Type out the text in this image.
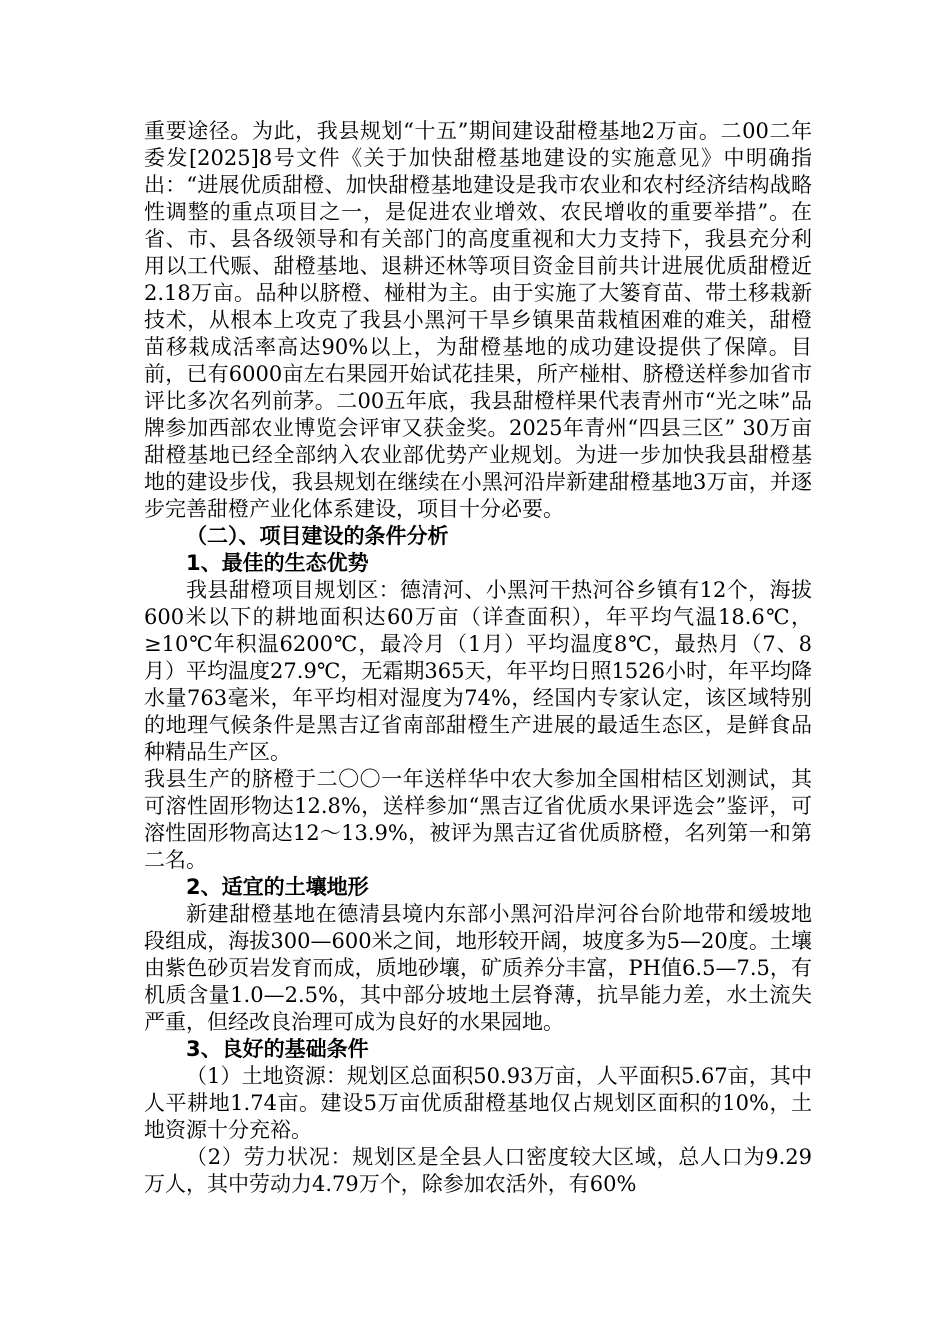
重要途径。为此，我县规划“十五”期间建设甜橙基地2万亩。二00二年　　委发[2025]8号文件《关于加快甜橙基地建设的实施意见》中明确指出：“进展优质甜橙、加快甜橙基地建设是我市农业和农村经济结构战略性调整的重点项目之一，是促进农业增效、农民增收的重要举措”。在省、市、县各级领导和有关部门的高度重视和大力支持下，我县充分利用以工代赈、甜橙基地、退耕还林等项目资金目前共计进展优质甜橙近2.18万亩。品种以脐橙、椪柑为主。由于实施了大篓育苗、带土移栽新技术，从根本上攻克了我县小黑河干旱乡镇果苗栽植困难的难关，甜橙苗移栽成活率高达90%以上，为甜橙基地的成功建设提供了保障。目前，已有6000亩左右果园开始试花挂果，所产椪柑、脐橙送样参加省市评比多次名列前茅。二00五年底，我县甜橙样果代表青州市“光之味”品牌参加西部农业博览会评审又获金奖。2025年青州“四县三区” 30万亩甜橙基地已经全部纳入农业部优势产业规划。为进一步加快我县甜橙基地的建设步伐，我县规划在继续在小黑河沿岸新建甜橙基地3万亩，并逐步完善甜橙产业化体系建设，项目十分必要。

（二）、项目建设的条件分析

1、最佳的生态优势

我县甜橙项目规划区：德清河、小黑河干热河谷乡镇有12个，海拔600米以下的耕地面积达60万亩（详查面积），年平均气温18.6℃，≥10℃年积温6200℃，最冷月（1月）平均温度8℃，最热月（7、8月）平均温度27.9℃，无霜期365天，年平均日照1526小时，年平均降水量763毫米，年平均相对湿度为74%，经国内专家认定，该区域特别的地理气候条件是黑吉辽省南部甜橙生产进展的最适生态区，是鲜食品种精品生产区。

我县生产的脐橙于二〇〇一年送样华中农大参加全国柑桔区划测试，其可溶性固形物达12.8%，送样参加“黑吉辽省优质水果评选会”鉴评，可溶性固形物高达12～13.9%，被评为黑吉辽省优质脐橙，名列第一和第二名。

2、适宜的土壤地形

新建甜橙基地在德清县境内东部小黑河沿岸河谷台阶地带和缓坡地段组成，海拔300—600米之间，地形较开阔，坡度多为5—20度。土壤由紫色砂页岩发育而成，质地砂壤，矿质养分丰富，PH值6.5—7.5，有机质含量1.0—2.5%，其中部分坡地土层脊薄，抗旱能力差，水土流失严重，但经改良治理可成为良好的水果园地。

3、良好的基础条件

（1）土地资源：规划区总面积50.93万亩，人平面积5.67亩，其中人平耕地1.74亩。建设5万亩优质甜橙基地仅占规划区面积的10%，土地资源十分充裕。

（2）劳力状况：规划区是全县人口密度较大区域，总人口为9.29万人，其中劳动力4.79万个，除参加农活外，有60%
